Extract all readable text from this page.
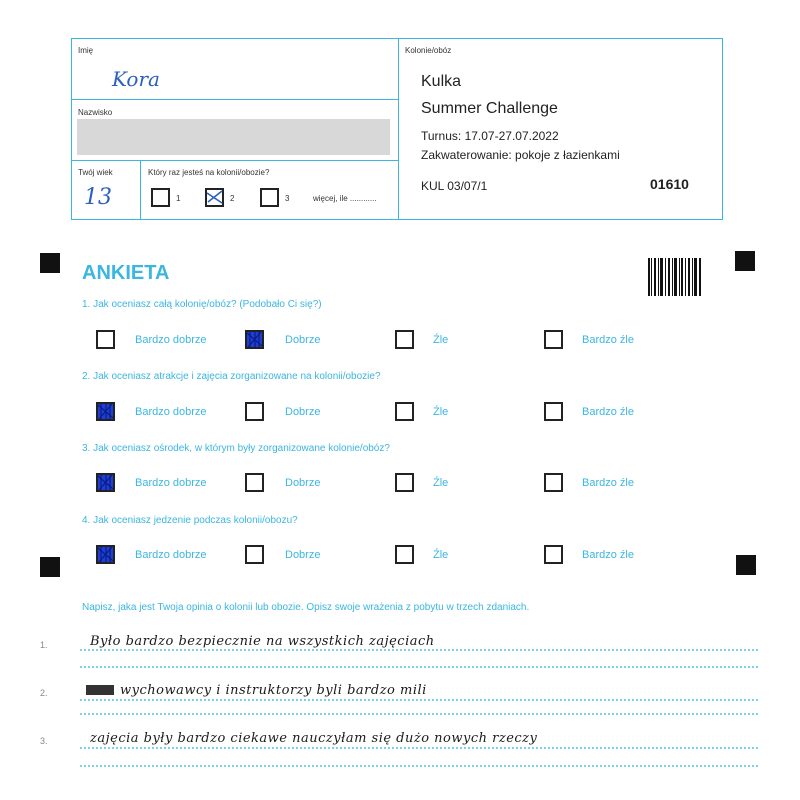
Imię
Kora
Nazwisko
Twój wiek
13
Który raz jesteś na kolonii/obozie?
1	2	3	więcej, ile ............
Kolonie/obóz
Kulka
Summer Challenge
Turnus: 17.07-27.07.2022
Zakwaterowanie: pokoje z łazienkami
KUL 03/07/1	01610
ANKIETA
1. Jak oceniasz całą kolonię/obóz? (Podobało Ci się?)
Bardzo dobrze	Dobrze	Źle	Bardzo źle
2. Jak oceniasz atrakcje i zajęcia zorganizowane na kolonii/obozie?
Bardzo dobrze	Dobrze	Źle	Bardzo źle
3. Jak oceniasz ośrodek, w którym były zorganizowane kolonie/obóz?
Bardzo dobrze	Dobrze	Źle	Bardzo źle
4. Jak oceniasz jedzenie podczas kolonii/obozu?
Bardzo dobrze	Dobrze	Źle	Bardzo źle
Napisz, jaka jest Twoja opinia o kolonii lub obozie. Opisz swoje wrażenia z pobytu w trzech zdaniach.
1.	Było bardzo bezpiecznie na wszystkich zajęciach
2.	wychowawcy i instruktorzy byli bardzo mili
3.	zajęcia były bardzo ciekawe nauczyłam się dużo nowych rzeczy
